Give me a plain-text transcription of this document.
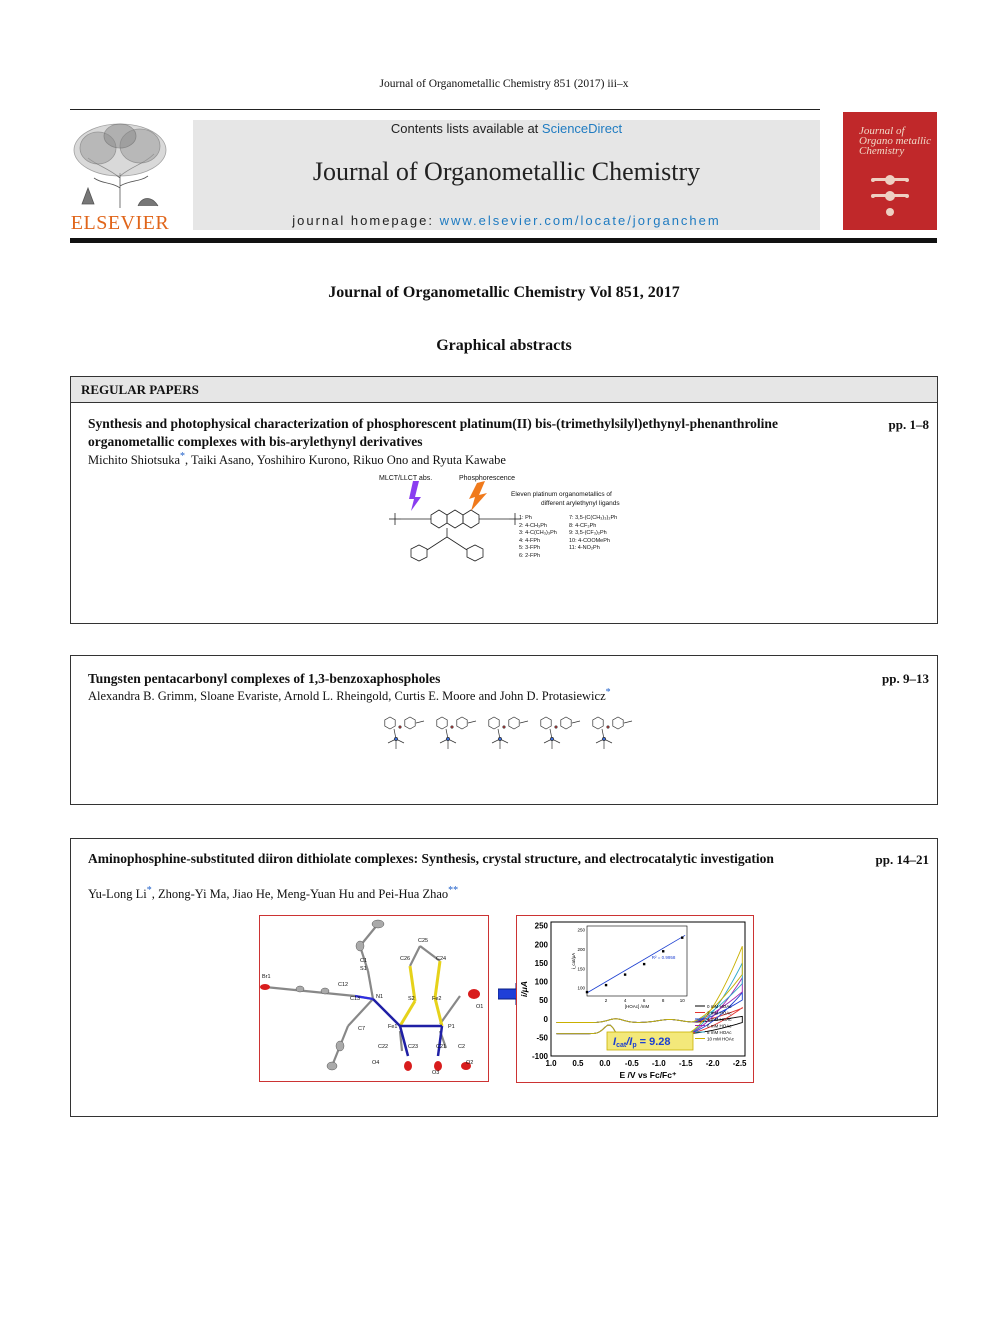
Journal of Organometallic Chemistry 851 (2017) iii–x
ELSEVIER
Contents lists available at ScienceDirect
Journal of Organometallic Chemistry
journal homepage: www.elsevier.com/locate/jorganchem
Journal of Organo metallic Chemistry
Journal of Organometallic Chemistry Vol 851, 2017
Graphical abstracts
REGULAR PAPERS
Synthesis and photophysical characterization of phosphorescent platinum(II) bis-(trimethylsilyl)ethynyl-phenanthroline organometallic complexes with bis-arylethynyl derivatives
pp. 1–8
Michito Shiotsuka*, Taiki Asano, Yoshihiro Kurono, Rikuo Ono and Ryuta Kawabe
MLCT/LLCT abs.	Phosphorescence
Eleven platinum organometallics of
different arylethynyl ligands
1: Ph
2: 4-CH₃Ph
3: 4-C(CH₃)₃Ph
4: 4-FPh
5: 3-FPh
6: 2-FPh
7: 3,5-(C(CH₃)₃)₂Ph
8: 4-CF₃Ph
9: 3,5-(CF₃)₂Ph
10: 4-COOMePh
11: 4-NO₂Ph
Tungsten pentacarbonyl complexes of 1,3-benzoxaphospholes	pp. 9–13
Alexandra B. Grimm, Sloane Evariste, Arnold L. Rheingold, Curtis E. Moore and John D. Protasiewicz*
Aminophosphine-substituted diiron dithiolate complexes: Synthesis, crystal structure, and electrocatalytic investigation	pp. 14–21
Yu-Long Li*, Zhong-Yi Ma, Jiao He, Meng-Yuan Hu and Pei-Hua Zhao**
C25
C26	C24
C1
S1
S2	Fe2
Fe1	P1
N1
C13
C12
C7
C22	C23	C21 C2
O4
O3
O2
O1
Br1
250
200
150
100
50
0
-50
-100
1.0 0.5 0.0 -0.5 -1.0 -1.5 -2.0 -2.5
E /V vs Fc/Fc⁺
i/μA
Icat/Ip = 9.28
0 mM HOAc
2 mM HOAc
4 mM HOAc
6 mM HOAc
8 mM HOAc
10 mM HOAc
2	4	6	8	10
250
200
150
100
[HOAc] /mM
i_cat/μA	R² = 0.9958
